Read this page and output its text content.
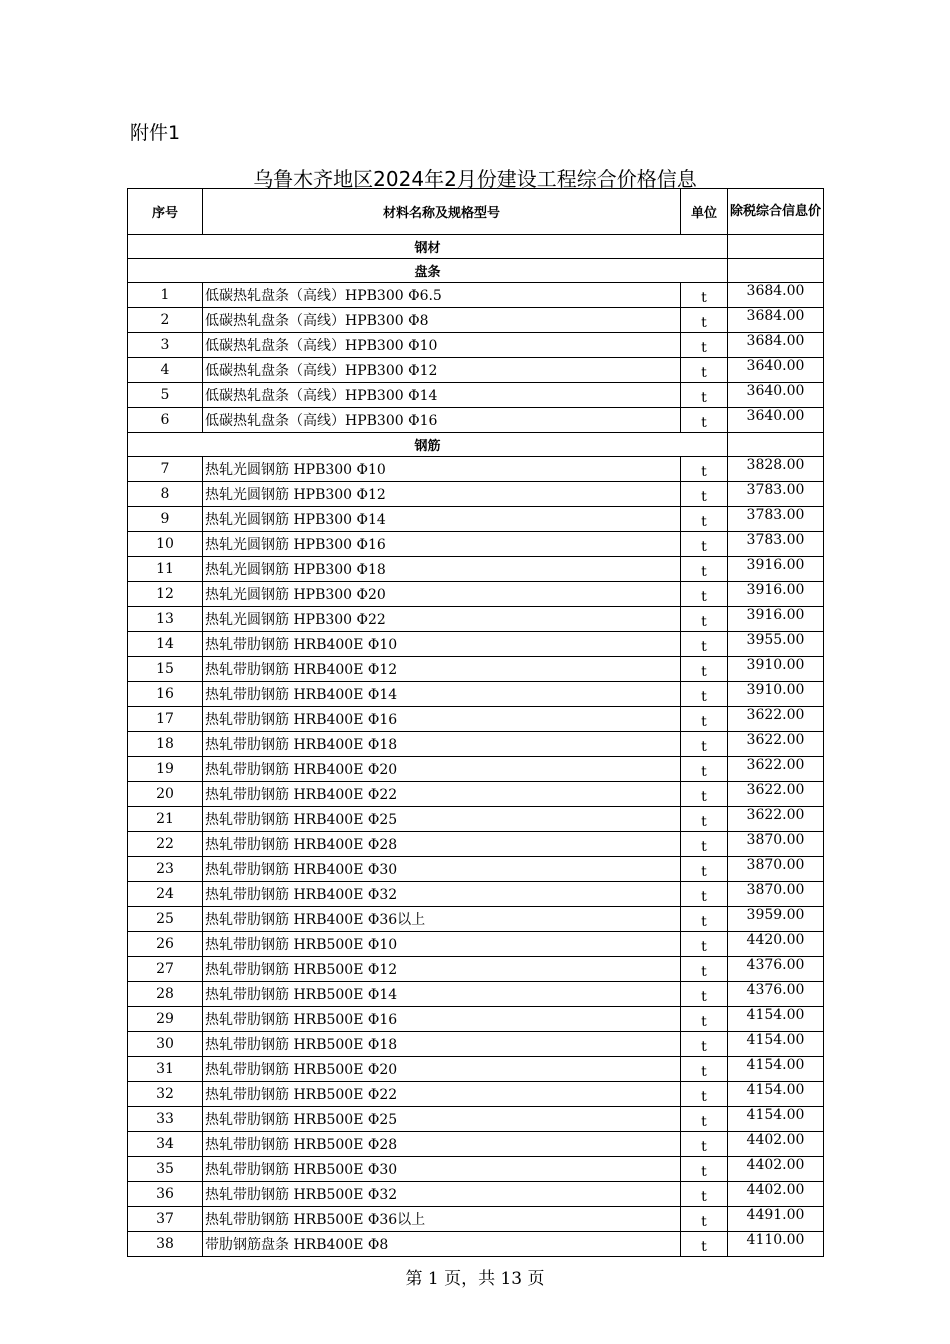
附件1
乌鲁木齐地区2024年2月份建设工程综合价格信息
序号	材料名称及规格型号	单位	除税综合信息价
钢材			
盘条			
1	低碳热轧盘条（高线）HPB300 Φ6.5	t	3684.00
2	低碳热轧盘条（高线）HPB300 Φ8	t	3684.00
3	低碳热轧盘条（高线）HPB300 Φ10	t	3684.00
4	低碳热轧盘条（高线）HPB300 Φ12	t	3640.00
5	低碳热轧盘条（高线）HPB300 Φ14	t	3640.00
6	低碳热轧盘条（高线）HPB300 Φ16	t	3640.00
钢筋			
7	热轧光圆钢筋 HPB300 Φ10	t	3828.00
8	热轧光圆钢筋 HPB300 Φ12	t	3783.00
9	热轧光圆钢筋 HPB300 Φ14	t	3783.00
10	热轧光圆钢筋 HPB300 Φ16	t	3783.00
11	热轧光圆钢筋 HPB300 Φ18	t	3916.00
12	热轧光圆钢筋 HPB300 Φ20	t	3916.00
13	热轧光圆钢筋 HPB300 Φ22	t	3916.00
14	热轧带肋钢筋 HRB400E Φ10	t	3955.00
15	热轧带肋钢筋 HRB400E Φ12	t	3910.00
16	热轧带肋钢筋 HRB400E Φ14	t	3910.00
17	热轧带肋钢筋 HRB400E Φ16	t	3622.00
18	热轧带肋钢筋 HRB400E Φ18	t	3622.00
19	热轧带肋钢筋 HRB400E Φ20	t	3622.00
20	热轧带肋钢筋 HRB400E Φ22	t	3622.00
21	热轧带肋钢筋 HRB400E Φ25	t	3622.00
22	热轧带肋钢筋 HRB400E Φ28	t	3870.00
23	热轧带肋钢筋 HRB400E Φ30	t	3870.00
24	热轧带肋钢筋 HRB400E Φ32	t	3870.00
25	热轧带肋钢筋 HRB400E Φ36以上	t	3959.00
26	热轧带肋钢筋 HRB500E Φ10	t	4420.00
27	热轧带肋钢筋 HRB500E Φ12	t	4376.00
28	热轧带肋钢筋 HRB500E Φ14	t	4376.00
29	热轧带肋钢筋 HRB500E Φ16	t	4154.00
30	热轧带肋钢筋 HRB500E Φ18	t	4154.00
31	热轧带肋钢筋 HRB500E Φ20	t	4154.00
32	热轧带肋钢筋 HRB500E Φ22	t	4154.00
33	热轧带肋钢筋 HRB500E Φ25	t	4154.00
34	热轧带肋钢筋 HRB500E Φ28	t	4402.00
35	热轧带肋钢筋 HRB500E Φ30	t	4402.00
36	热轧带肋钢筋 HRB500E Φ32	t	4402.00
37	热轧带肋钢筋 HRB500E Φ36以上	t	4491.00
38	带肋钢筋盘条 HRB400E Φ8	t	4110.00
第 1 页，共 13 页
